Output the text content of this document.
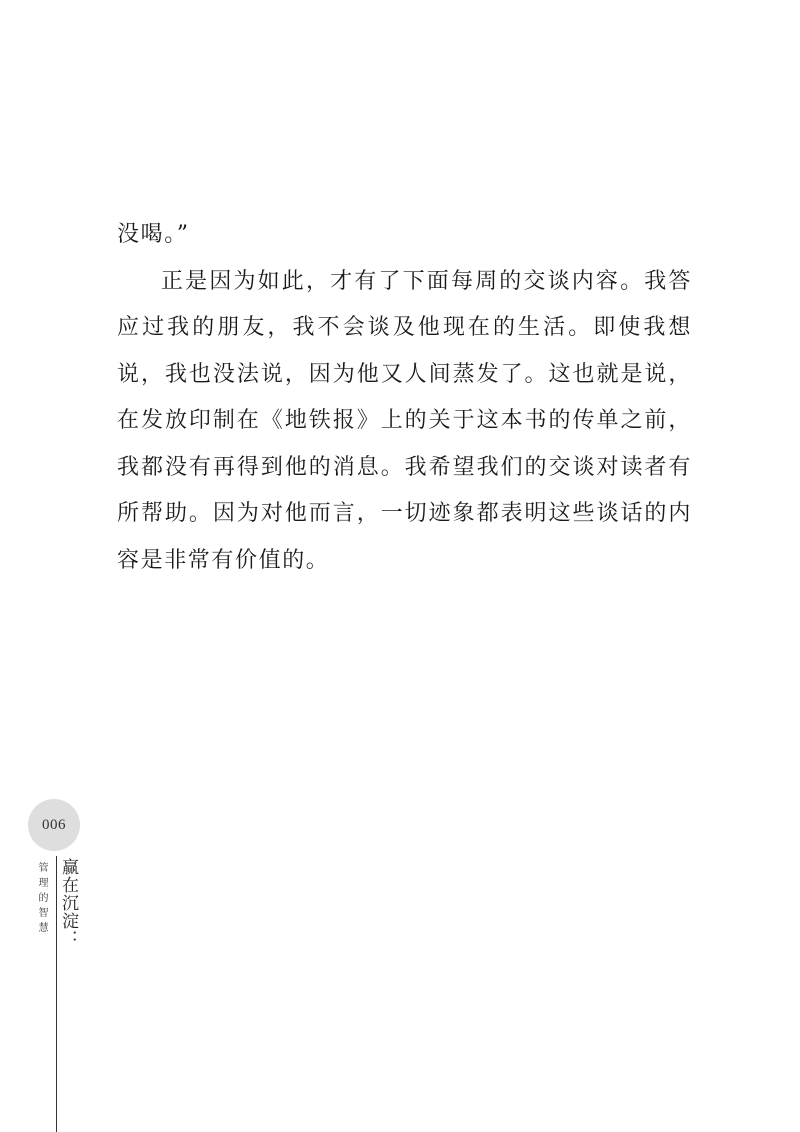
没喝。”

正是因为如此，才有了下面每周的交谈内容。我答应过我的朋友，我不会谈及他现在的生活。即使我想说，我也没法说，因为他又人间蒸发了。这也就是说，在发放印制在《地铁报》上的关于这本书的传单之前，我都没有再得到他的消息。我希望我们的交谈对读者有所帮助。因为对他而言，一切迹象都表明这些谈话的内容是非常有价值的。

006
赢在沉淀：
管理的智慧
